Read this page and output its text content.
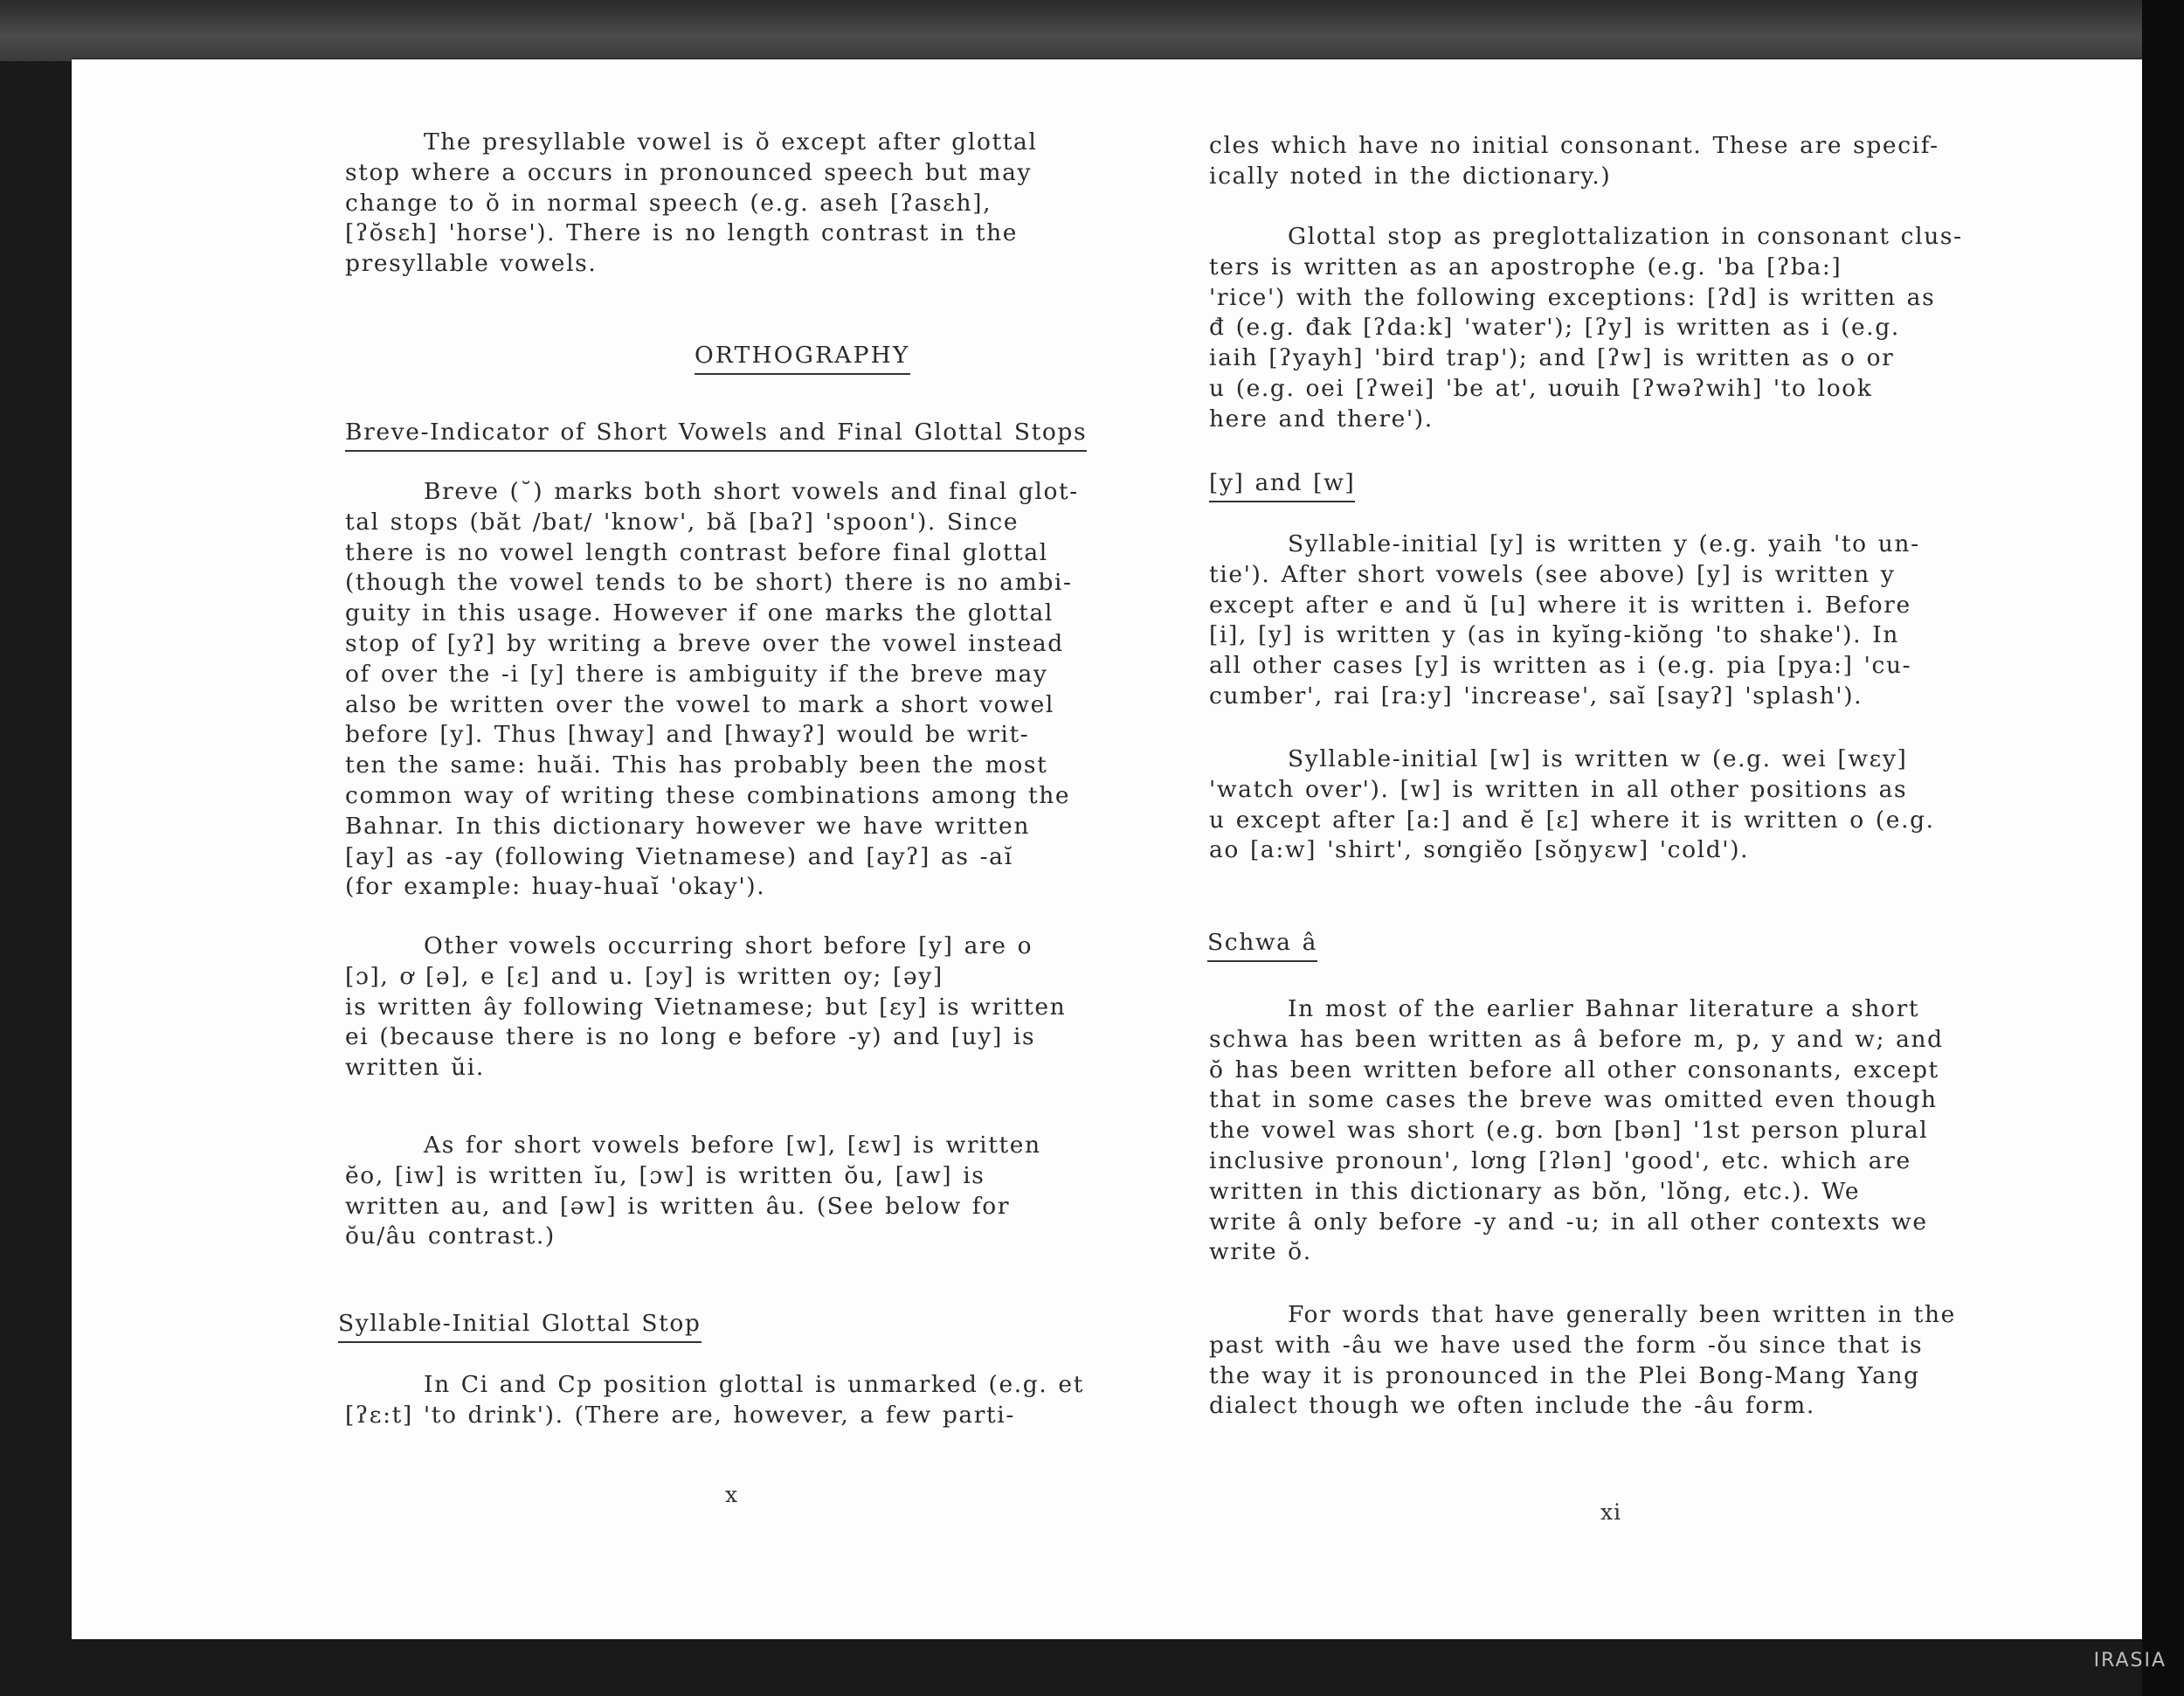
The presyllable vowel is ŏ except after glottal
stop where a occurs in pronounced speech but may
change to ŏ in normal speech (e.g. aseh [ʔasɛh],
[ʔŏsɛh] 'horse'). There is no length contrast in the
presyllable vowels.

ORTHOGRAPHY

Breve-Indicator of Short Vowels and Final Glottal Stops

Breve (˘) marks both short vowels and final glot-
tal stops (băt /bat/ 'know', bă [baʔ] 'spoon'). Since
there is no vowel length contrast before final glottal
(though the vowel tends to be short) there is no ambi-
guity in this usage. However if one marks the glottal
stop of [yʔ] by writing a breve over the vowel instead
of over the -i [y] there is ambiguity if the breve may
also be written over the vowel to mark a short vowel
before [y]. Thus [hway] and [hwayʔ] would be writ-
ten the same: huăi. This has probably been the most
common way of writing these combinations among the
Bahnar. In this dictionary however we have written
[ay] as -ay (following Vietnamese) and [ayʔ] as -aĭ
(for example: huay-huaĭ 'okay').

Other vowels occurring short before [y] are o
[ɔ], ơ [ə], e [ɛ] and u. [ɔy] is written oy; [əy]
is written ây following Vietnamese; but [ɛy] is written
ei (because there is no long e before -y) and [uy] is
written ŭi.

As for short vowels before [w], [ɛw] is written
ĕo, [iw] is written ĭu, [ɔw] is written ŏu, [aw] is
written au, and [əw] is written âu. (See below for
ŏu/âu contrast.)

Syllable-Initial Glottal Stop

In Ci and Cp position glottal is unmarked (e.g. et
[ʔɛ:t] 'to drink'). (There are, however, a few parti-

x

cles which have no initial consonant. These are specif-
ically noted in the dictionary.)

Glottal stop as preglottalization in consonant clus-
ters is written as an apostrophe (e.g. 'ba [ʔba:]
'rice') with the following exceptions: [ʔd] is written as
đ (e.g. đak [ʔda:k] 'water'); [ʔy] is written as i (e.g.
iaih [ʔyayh] 'bird trap'); and [ʔw] is written as o or
u (e.g. oei [ʔwei] 'be at', uơuih [ʔwəʔwih] 'to look
here and there').

[y] and [w]

Syllable-initial [y] is written y (e.g. yaih 'to un-
tie'). After short vowels (see above) [y] is written y
except after e and ŭ [u] where it is written i. Before
[i], [y] is written y (as in kyĭng-kiŏng 'to shake'). In
all other cases [y] is written as i (e.g. pia [pya:] 'cu-
cumber', rai [ra:y] 'increase', saĭ [sayʔ] 'splash').

Syllable-initial [w] is written w (e.g. wei [wɛy]
'watch over'). [w] is written in all other positions as
u except after [a:] and ĕ [ɛ] where it is written o (e.g.
ao [a:w] 'shirt', sơngiĕo [sŏŋyɛw] 'cold').

Schwa â

In most of the earlier Bahnar literature a short
schwa has been written as â before m, p, y and w; and
ŏ has been written before all other consonants, except
that in some cases the breve was omitted even though
the vowel was short (e.g. bơn [bən] '1st person plural
inclusive pronoun', lơng [ʔlən] 'good', etc. which are
written in this dictionary as bŏn, 'lŏng, etc.). We
write â only before -y and -u; in all other contexts we
write ŏ.

For words that have generally been written in the
past with -âu we have used the form -ŏu since that is
the way it is pronounced in the Plei Bong-Mang Yang
dialect though we often include the -âu form.

xi
IRASIA
